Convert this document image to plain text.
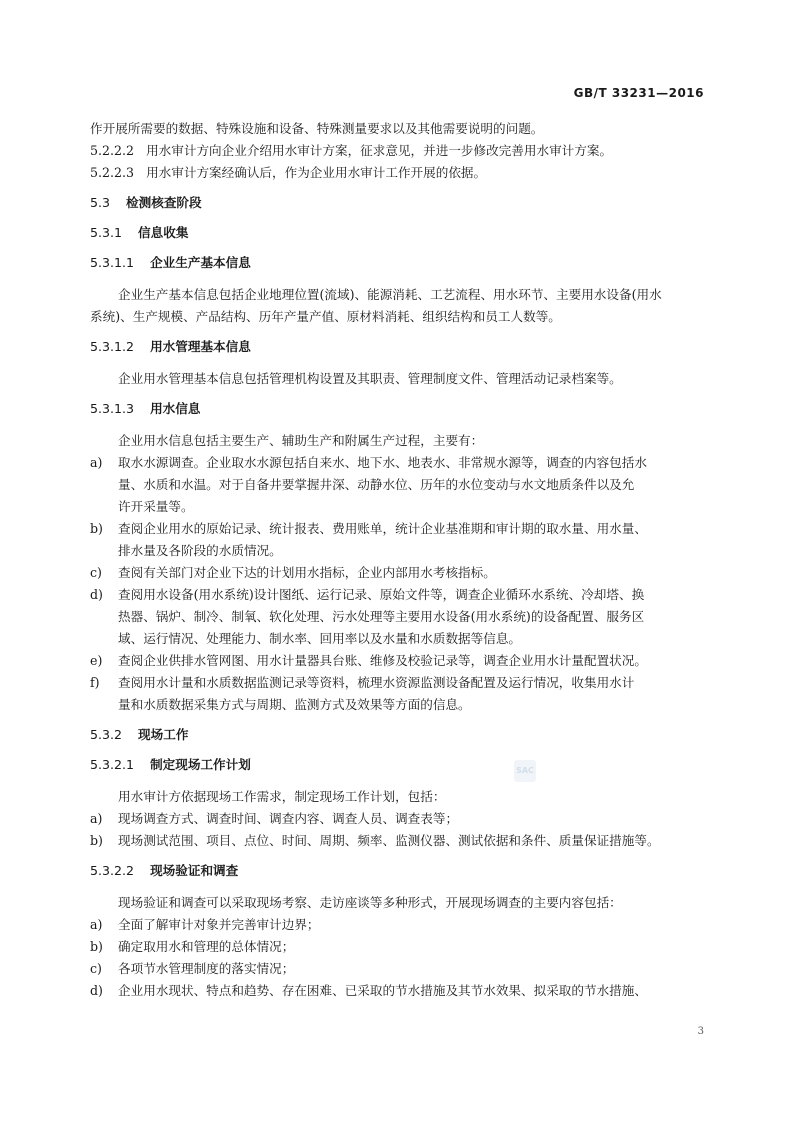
GB/T 33231—2016
作开展所需要的数据、特殊设施和设备、特殊测量要求以及其他需要说明的问题。
5.2.2.2 用水审计方向企业介绍用水审计方案，征求意见，并进一步修改完善用水审计方案。
5.2.2.3 用水审计方案经确认后，作为企业用水审计工作开展的依据。
5.3 检测核查阶段
5.3.1 信息收集
5.3.1.1 企业生产基本信息
企业生产基本信息包括企业地理位置(流域)、能源消耗、工艺流程、用水环节、主要用水设备(用水
系统)、生产规模、产品结构、历年产量产值、原材料消耗、组织结构和员工人数等。
5.3.1.2 用水管理基本信息
企业用水管理基本信息包括管理机构设置及其职责、管理制度文件、管理活动记录档案等。
5.3.1.3 用水信息
企业用水信息包括主要生产、辅助生产和附属生产过程，主要有：
a)	取水水源调查。企业取水水源包括自来水、地下水、地表水、非常规水源等，调查的内容包括水
量、水质和水温。对于自备井要掌握井深、动静水位、历年的水位变动与水文地质条件以及允
许开采量等。
b)	查阅企业用水的原始记录、统计报表、费用账单，统计企业基准期和审计期的取水量、用水量、
排水量及各阶段的水质情况。
c)	查阅有关部门对企业下达的计划用水指标，企业内部用水考核指标。
d)	查阅用水设备(用水系统)设计图纸、运行记录、原始文件等，调查企业循环水系统、冷却塔、换
热器、锅炉、制冷、制氧、软化处理、污水处理等主要用水设备(用水系统)的设备配置、服务区
域、运行情况、处理能力、制水率、回用率以及水量和水质数据等信息。
e)	查阅企业供排水管网图、用水计量器具台账、维修及校验记录等，调查企业用水计量配置状况。
f)	查阅用水计量和水质数据监测记录等资料，梳理水资源监测设备配置及运行情况，收集用水计
量和水质数据采集方式与周期、监测方式及效果等方面的信息。
5.3.2 现场工作
5.3.2.1 制定现场工作计划
用水审计方依据现场工作需求，制定现场工作计划，包括：
a)	现场调查方式、调查时间、调查内容、调查人员、调查表等；
b)	现场测试范围、项目、点位、时间、周期、频率、监测仪器、测试依据和条件、质量保证措施等。
5.3.2.2 现场验证和调查
现场验证和调查可以采取现场考察、走访座谈等多种形式，开展现场调查的主要内容包括：
a)	全面了解审计对象并完善审计边界；
b)	确定取用水和管理的总体情况；
c)	各项节水管理制度的落实情况；
d)	企业用水现状、特点和趋势、存在困难、已采取的节水措施及其节水效果、拟采取的节水措施、
SAC
3
